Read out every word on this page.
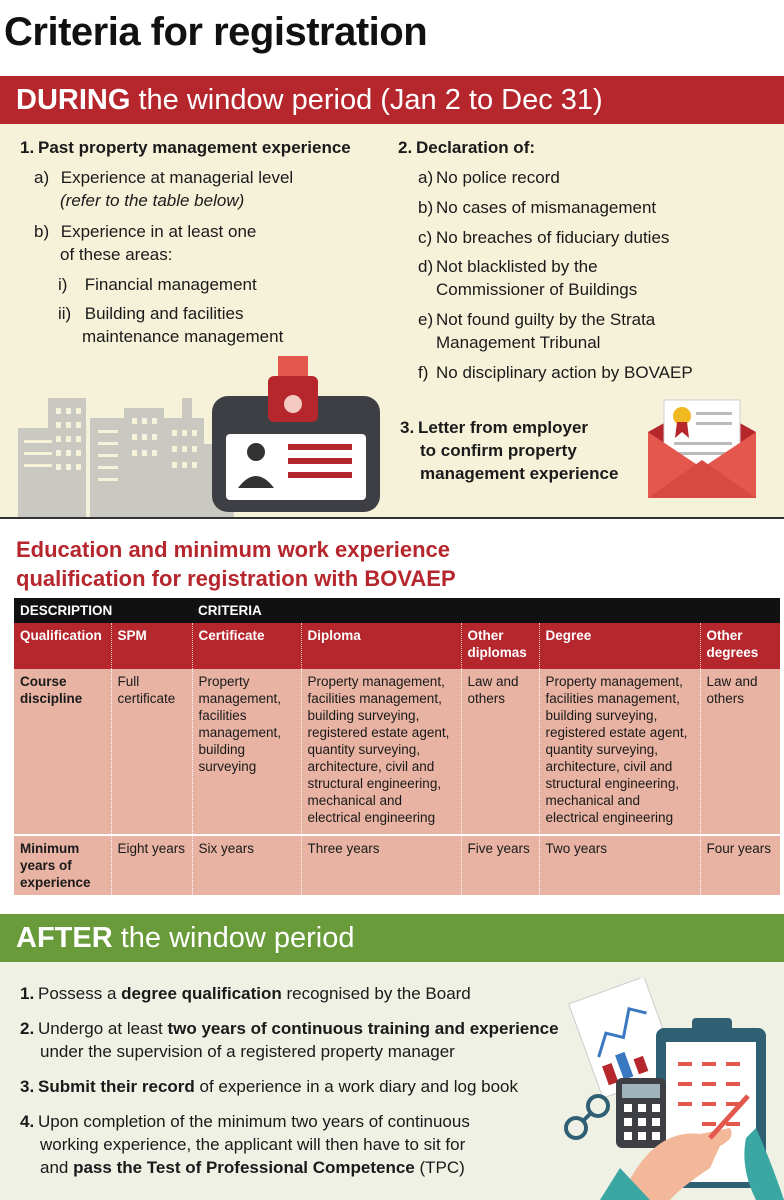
Criteria for registration
DURING the window period (Jan 2 to Dec 31)
1. Past property management experience
a) Experience at managerial level
(refer to the table below)
b) Experience in at least one
of these areas:
i) Financial management
ii) Building and facilities
maintenance management
2. Declaration of:
a) No police record
b) No cases of mismanagement
c) No breaches of fiduciary duties
d) Not blacklisted by the
Commissioner of Buildings
e) Not found guilty by the Strata
Management Tribunal
f) No disciplinary action by BOVAEP
3. Letter from employer
to confirm property
management experience
Education and minimum work experience
qualification for registration with BOVAEP
DESCRIPTION		CRITERIA				
Qualification	SPM	Certificate	Diploma	Other diplomas	Degree	Other degrees
Course discipline	Full certificate	Property management, facilities management, building surveying	Property management, facilities management, building surveying, registered estate agent, quantity surveying, architecture, civil and structural engineering, mechanical and electrical engineering	Law and others	Property management, facilities management, building surveying, registered estate agent, quantity surveying, architecture, civil and structural engineering, mechanical and electrical engineering	Law and others
Minimum years of experience	Eight years	Six years	Three years	Five years	Two years	Four years
AFTER the window period
1. Possess a degree qualification recognised by the Board
2. Undergo at least two years of continuous training and experience
under the supervision of a registered property manager
3. Submit their record of experience in a work diary and log book
4. Upon completion of the minimum two years of continuous
working experience, the applicant will then have to sit for
and pass the Test of Professional Competence (TPC)
